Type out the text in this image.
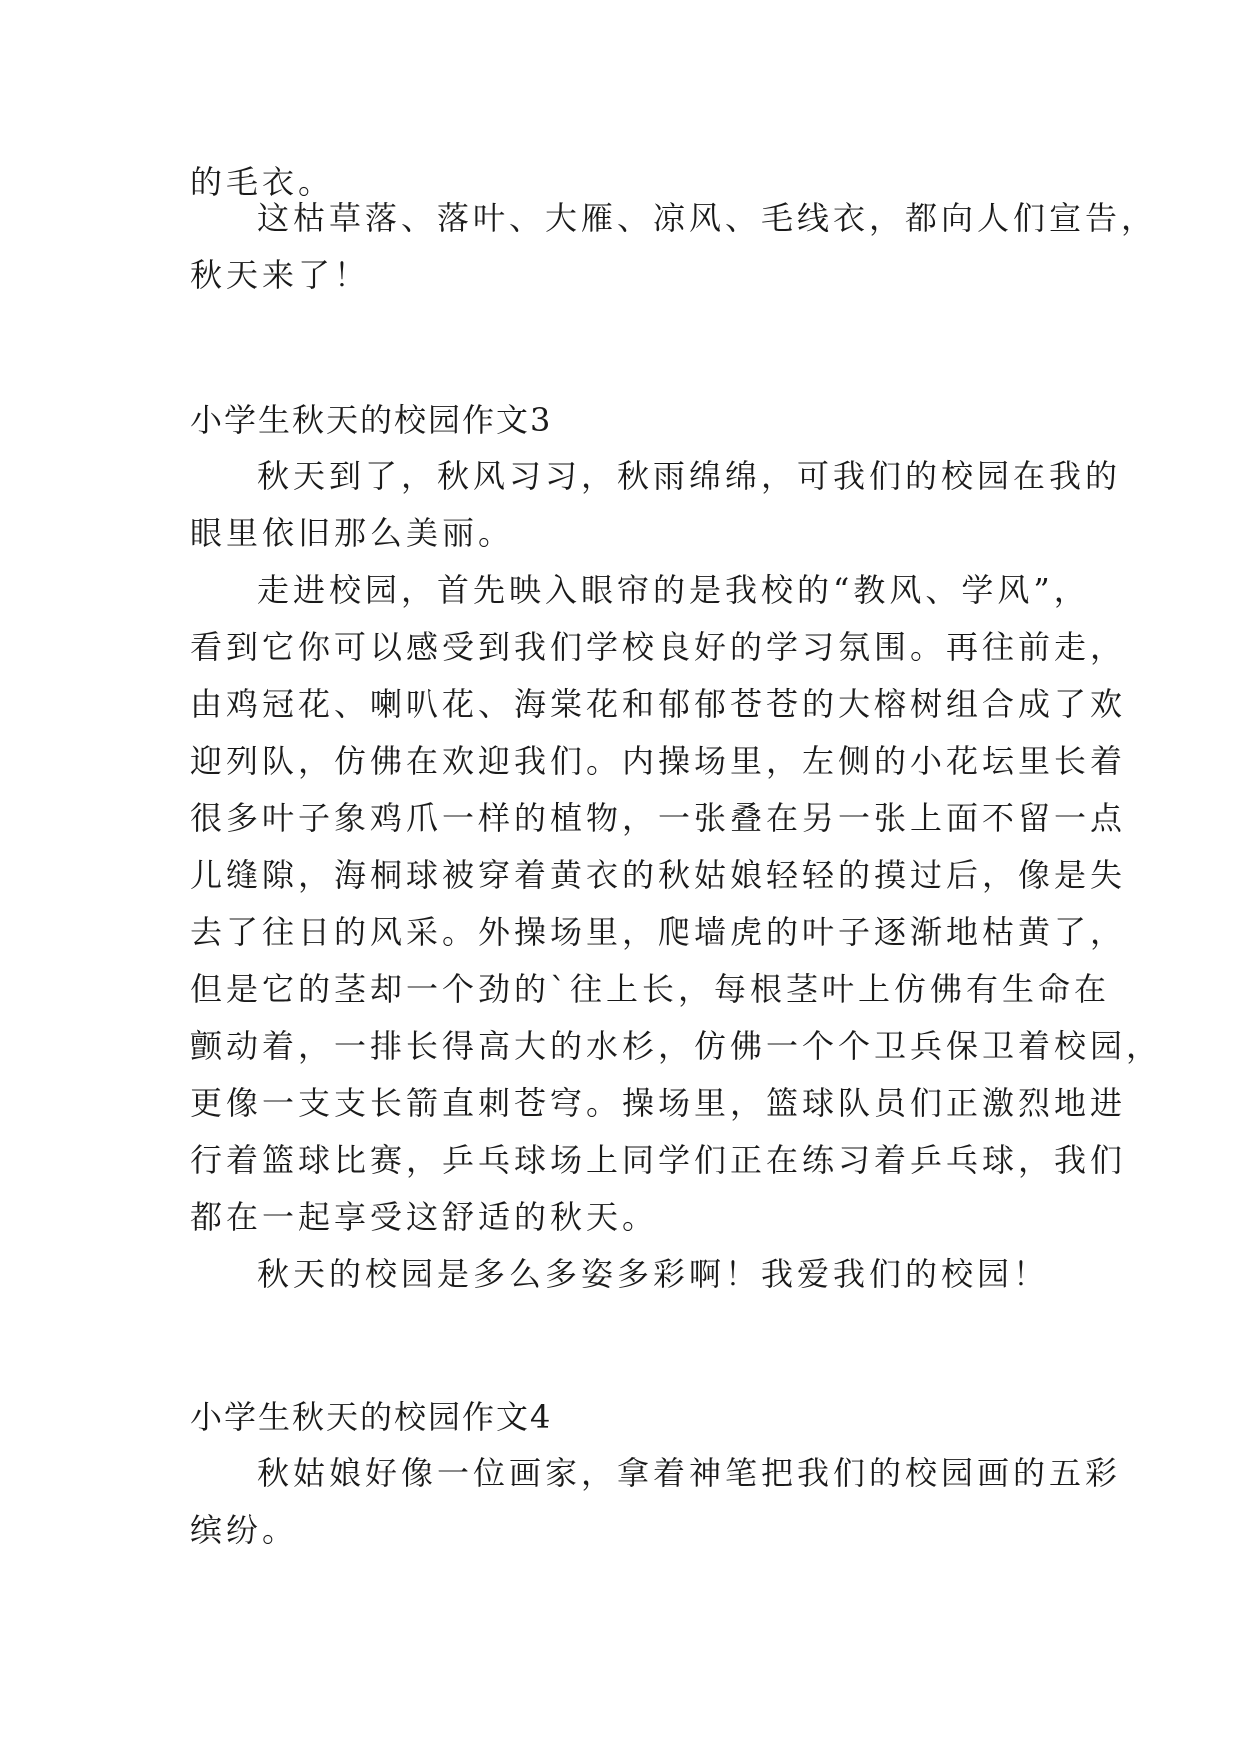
的毛衣。

这枯草落、落叶、大雁、凉风、毛线衣，都向人们宣告，

秋天来了！

小学生秋天的校园作文3

秋天到了，秋风习习，秋雨绵绵，可我们的校园在我的

眼里依旧那么美丽。

走进校园，首先映入眼帘的是我校的“教风、学风”，

看到它你可以感受到我们学校良好的学习氛围。再往前走，

由鸡冠花、喇叭花、海棠花和郁郁苍苍的大榕树组合成了欢

迎列队，仿佛在欢迎我们。内操场里，左侧的小花坛里长着

很多叶子象鸡爪一样的植物，一张叠在另一张上面不留一点

儿缝隙，海桐球被穿着黄衣的秋姑娘轻轻的摸过后，像是失

去了往日的风采。外操场里，爬墙虎的叶子逐渐地枯黄了，

但是它的茎却一个劲的`往上长，每根茎叶上仿佛有生命在

颤动着，一排长得高大的水杉，仿佛一个个卫兵保卫着校园，

更像一支支长箭直刺苍穹。操场里，篮球队员们正激烈地进

行着篮球比赛，乒乓球场上同学们正在练习着乒乓球，我们

都在一起享受这舒适的秋天。

秋天的校园是多么多姿多彩啊！我爱我们的校园！

小学生秋天的校园作文4

秋姑娘好像一位画家，拿着神笔把我们的校园画的五彩

缤纷。
